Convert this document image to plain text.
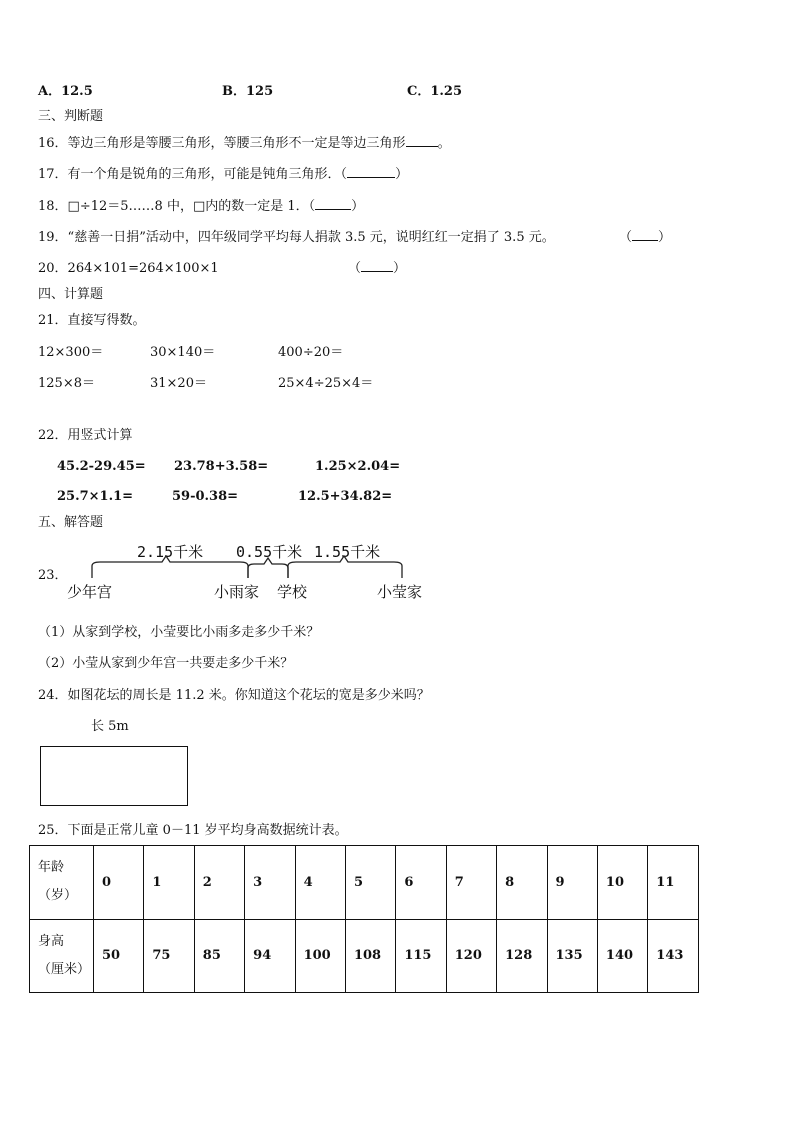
A．12.5	B．125	C．1.25
三、判断题
16．等边三角形是等腰三角形，等腰三角形不一定是等边三角形 。
17．有一个角是锐角的三角形，可能是钝角三角形．（	）
18．□÷12＝5……8 中，□内的数一定是 1．（	）
19．“慈善一日捐”活动中，四年级同学平均每人捐款 3.5 元，说明红红一定捐了 3.5 元。	（ ）
20．264×101=264×100×1	（ ）
四、计算题
21．直接写得数。
12×300＝	30×140＝	400÷20＝
125×8＝	31×20＝	25×4÷25×4＝
22．用竖式计算
45.2-29.45= 23.78+3.58=	1.25×2.04=
25.7×1.1=	59-0.38=	12.5+34.82=
五、解答题
23．
2.15千米 0.55千米 1.55千米
少年宫	小雨家 学校	小莹家
（1）从家到学校，小莹要比小雨多走多少千米？
（2）小莹从家到少年宫一共要走多少千米？
24．如图花坛的周长是 11.2 米。你知道这个花坛的宽是多少米吗？
长 5m
25．下面是正常儿童 0－11 岁平均身高数据统计表。
年龄
（岁）	0	1	2	3	4	5	6	7	8	9	10	11

身高
（厘米）	50	75	85	94	100	108	115	120	128	135	140	143
